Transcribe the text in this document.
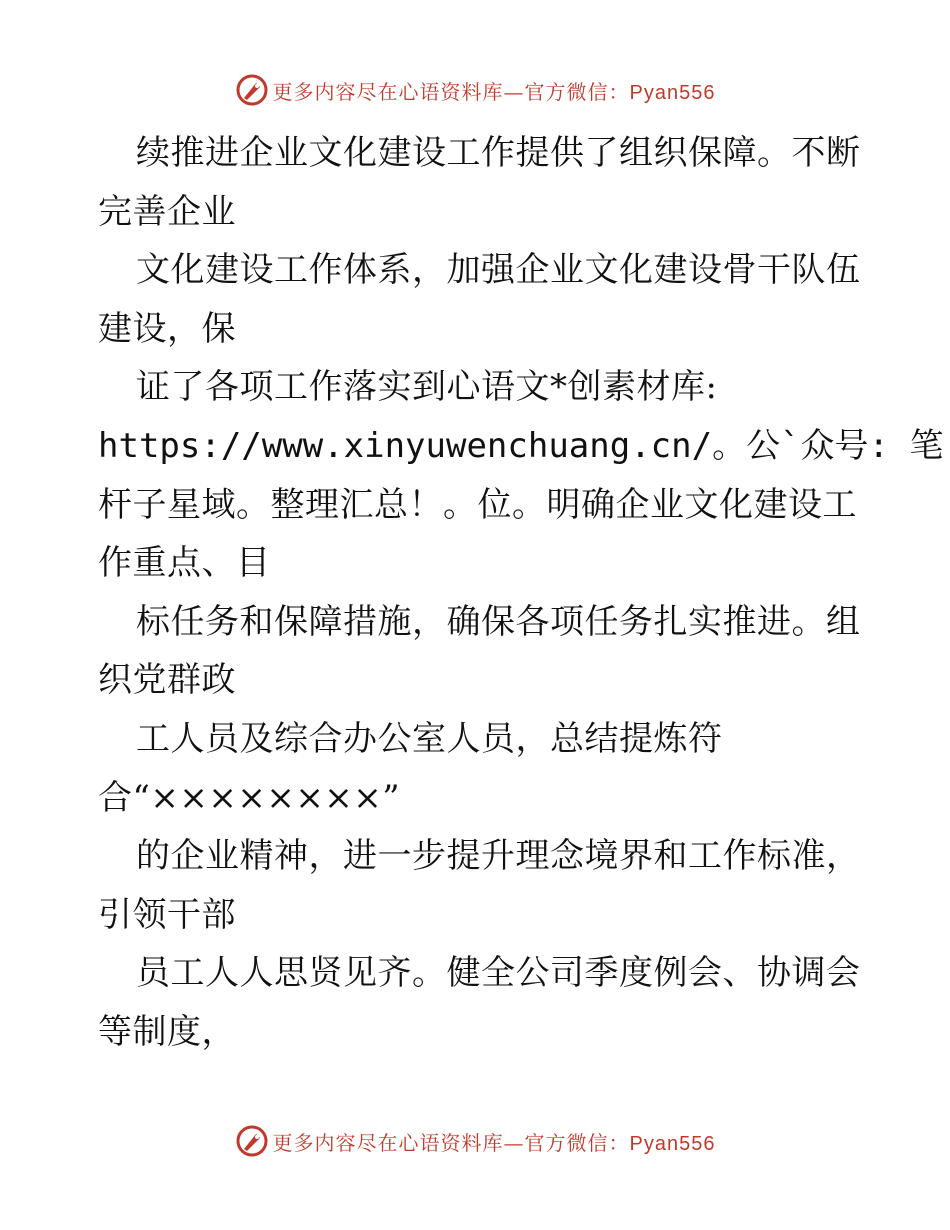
更多内容尽在心语资料库—官方微信：Pyan556
续推进企业文化建设工作提供了组织保障。不断
完善企业
文化建设工作体系，加强企业文化建设骨干队伍
建设，保
证了各项工作落实到心语文*创素材库:
https://www.xinyuwenchuang.cn/。公`众号: 笔
杆子星域。整理汇总！。位。明确企业文化建设工
作重点、目
标任务和保障措施，确保各项任务扎实推进。组
织党群政
工人员及综合办公室人员，总结提炼符
合“××××××××”
的企业精神，进一步提升理念境界和工作标准，
引领干部
员工人人思贤见齐。健全公司季度例会、协调会
等制度，
更多内容尽在心语资料库—官方微信：Pyan556
